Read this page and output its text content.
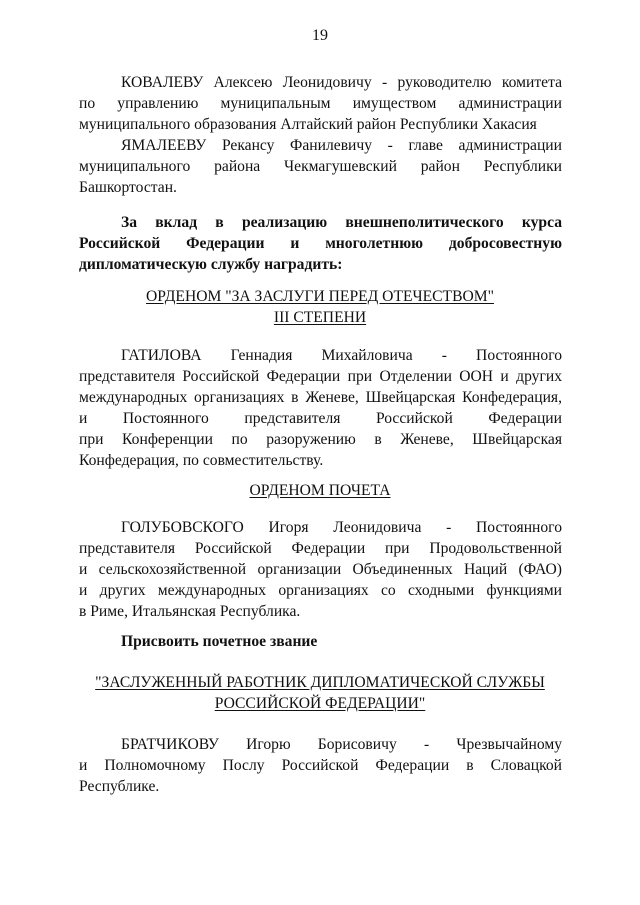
19
КОВАЛЕВУ Алексею Леонидовичу - руководителю комитета
по управлению муниципальным имуществом администрации
муниципального образования Алтайский район Республики Хакасия
ЯМАЛЕЕВУ Рекансу Фанилевичу - главе администрации
муниципального района Чекмагушевский район Республики
Башкортостан.
За вклад в реализацию внешнеполитического курса
Российской Федерации и многолетнюю добросовестную
дипломатическую службу наградить:
ОРДЕНОМ "ЗА ЗАСЛУГИ ПЕРЕД ОТЕЧЕСТВОМ"
III СТЕПЕНИ
ГАТИЛОВА Геннадия Михайловича - Постоянного
представителя Российской Федерации при Отделении ООН и других
международных организациях в Женеве, Швейцарская Конфедерация,
и Постоянного представителя Российской Федерации
при Конференции по разоружению в Женеве, Швейцарская
Конфедерация, по совместительству.
ОРДЕНОМ ПОЧЕТА
ГОЛУБОВСКОГО Игоря Леонидовича - Постоянного
представителя Российской Федерации при Продовольственной
и сельскохозяйственной организации Объединенных Наций (ФАО)
и других международных организациях со сходными функциями
в Риме, Итальянская Республика.
Присвоить почетное звание
"ЗАСЛУЖЕННЫЙ РАБОТНИК ДИПЛОМАТИЧЕСКОЙ СЛУЖБЫ
РОССИЙСКОЙ ФЕДЕРАЦИИ"
БРАТЧИКОВУ Игорю Борисовичу - Чрезвычайному
и Полномочному Послу Российской Федерации в Словацкой
Республике.
